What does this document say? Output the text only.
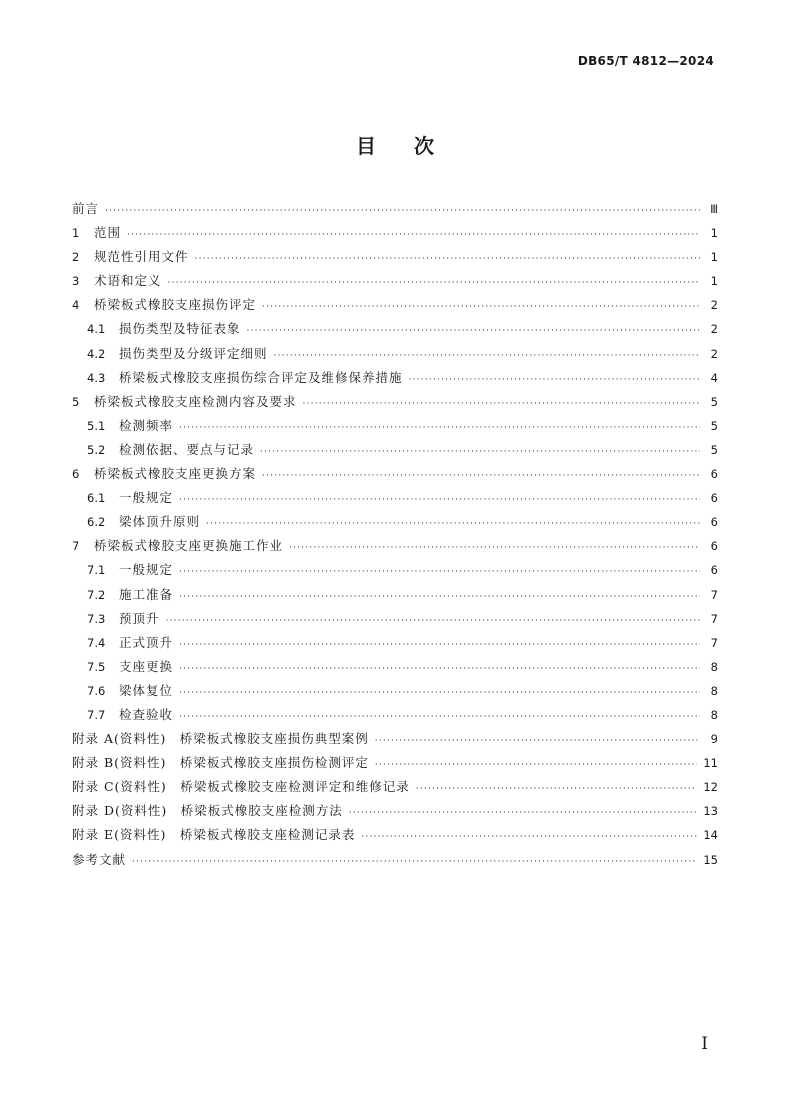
DB65/T 4812—2024
目次
前言 ·····	Ⅲ
1	范围 ·····	1
2	规范性引用文件 ·····	1
3	术语和定义 ·····	1
4	桥梁板式橡胶支座损伤评定 ·····	2
4.1	损伤类型及特征表象 ·····	2
4.2	损伤类型及分级评定细则 ·····	2
4.3	桥梁板式橡胶支座损伤综合评定及维修保养措施 ·····	4
5	桥梁板式橡胶支座检测内容及要求 ·····	5
5.1	检测频率 ·····	5
5.2	检测依据、要点与记录 ·····	5
6	桥梁板式橡胶支座更换方案 ·····	6
6.1	一般规定 ·····	6
6.2	梁体顶升原则 ·····	6
7	桥梁板式橡胶支座更换施工作业 ·····	6
7.1	一般规定 ·····	6
7.2	施工准备 ·····	7
7.3	预顶升 ·····	7
7.4	正式顶升 ·····	7
7.5	支座更换 ·····	8
7.6	梁体复位 ·····	8
7.7	检查验收 ·····	8
附录 A(资料性)　桥梁板式橡胶支座损伤典型案例 ·····	9
附录 B(资料性)　桥梁板式橡胶支座损伤检测评定 ·····	11
附录 C(资料性)　桥梁板式橡胶支座检测评定和维修记录 ·····	12
附录 D(资料性)　桥梁板式橡胶支座检测方法 ·····	13
附录 E(资料性)　桥梁板式橡胶支座检测记录表 ·····	14
参考文献 ·····	15
I
